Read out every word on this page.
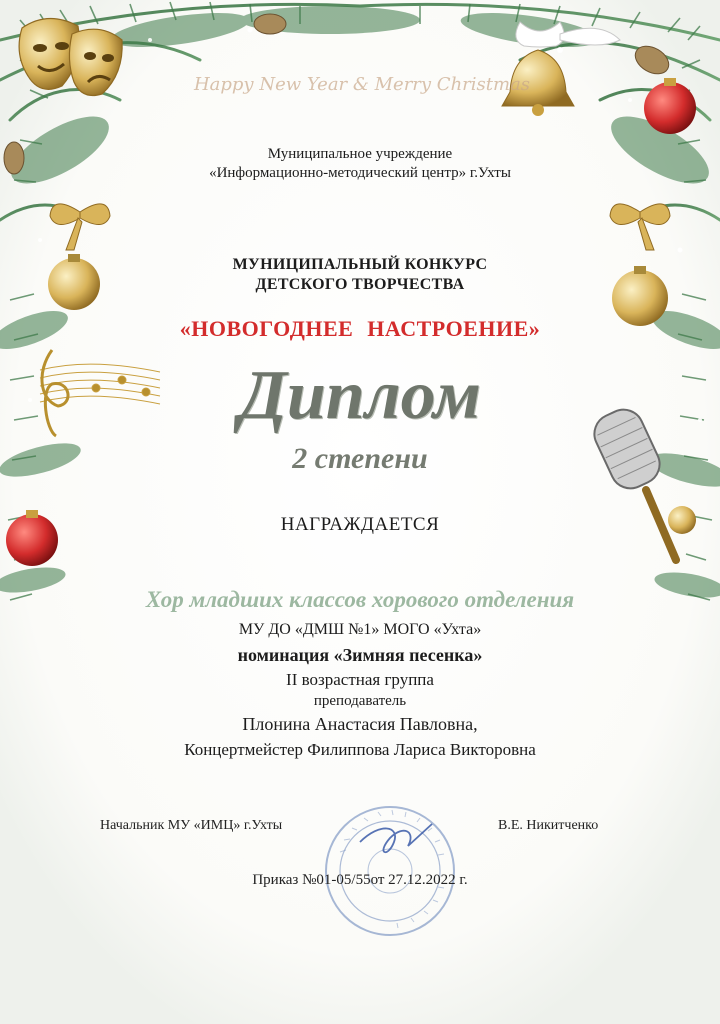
Happy New Year & Merry Christmas
Муниципальное учреждение
«Информационно-методический центр» г.Ухты
МУНИЦИПАЛЬНЫЙ КОНКУРС
ДЕТСКОГО ТВОРЧЕСТВА
«НОВОГОДНЕЕ НАСТРОЕНИЕ»
Диплом
2 степени
НАГРАЖДАЕТСЯ
Хор младших классов хорового отделения
МУ ДО «ДМШ №1» МОГО «Ухта»
номинация «Зимняя песенка»
II возрастная группа
преподаватель
Плонина Анастасия Павловна,
Концертмейстер Филиппова Лариса Викторовна
Начальник МУ «ИМЦ» г.Ухты	В.Е. Никитченко
Приказ №01-05/55от 27.12.2022 г.
